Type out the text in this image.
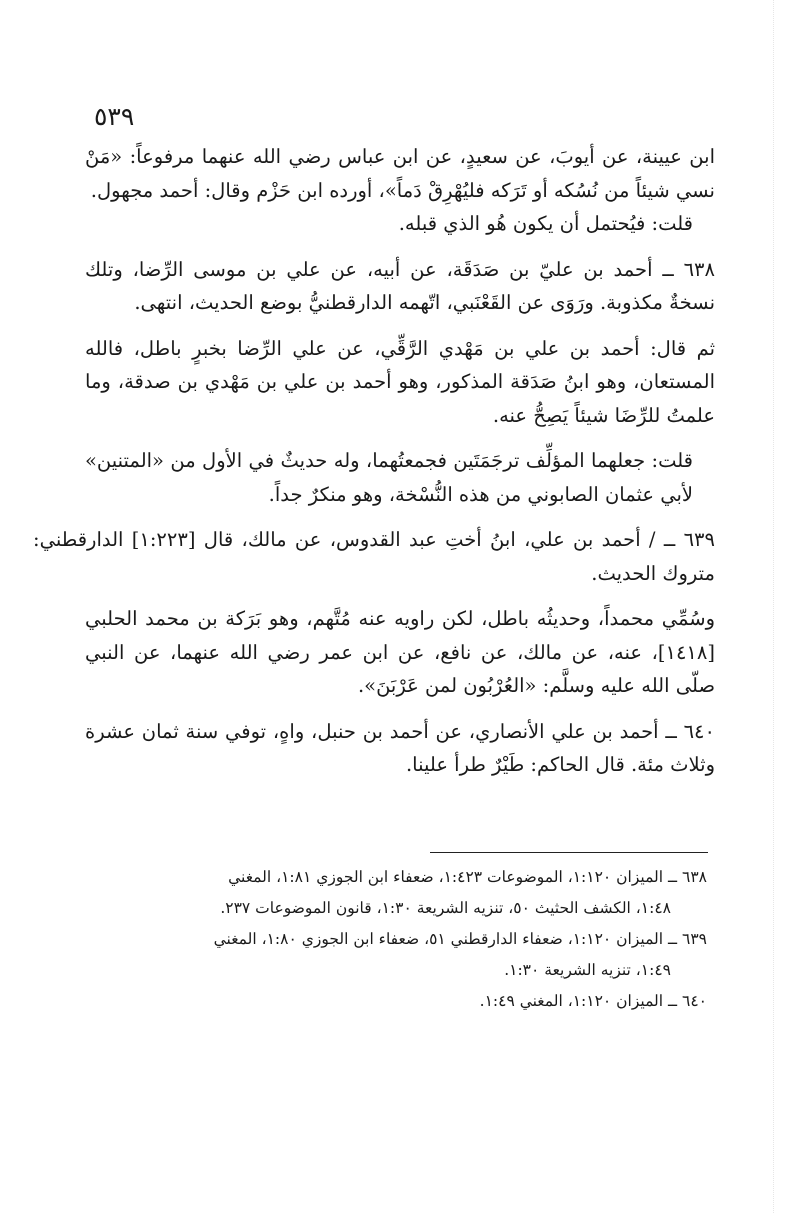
٥٣٩

ابن عيينة، عن أيوبَ، عن سعيدٍ، عن ابن عباس رضي الله عنهما مرفوعاً: «مَنْ نسي شيئاً من نُسُكه أو تَرَكه فليُهْرِقْ دَماً»، أورده ابن حَزْم وقال: أحمد مجهول.

قلت: فيُحتمل أن يكون هُو الذي قبله.

٦٣٨ ــ أحمد بن عليّ بن صَدَقَة، عن أبيه، عن علي بن موسى الرِّضا، وتلك نسخةٌ مكذوبة. ورَوَى عن القَعْنَبي، اتّهمه الدارقطنيُّ بوضع الحديث، انتهى.

ثم قال: أحمد بن علي بن مَهْدي الرَّقِّي، عن علي الرِّضا بخبرٍ باطل، فالله المستعان، وهو ابنُ صَدَقة المذكور، وهو أحمد بن علي بن مَهْدي بن صدقة، وما علمتُ للرِّضَا شيئاً يَصِحُّ عنه.

قلت: جعلهما المؤلِّف ترجَمَتَين فجمعتُهما، وله حديثٌ في الأول من «المتنين» لأبي عثمان الصابوني من هذه النُّسْخة، وهو منكرٌ جداً.

٦٣٩ ــ / أحمد بن علي، ابنُ أختِ عبد القدوس، عن مالك، قال [١:٢٢٣] الدارقطني: متروك الحديث.

وسُمِّي محمداً، وحديثُه باطل، لكن راويه عنه مُتَّهم، وهو بَرَكة بن محمد الحلبي [١٤١٨]، عنه، عن مالك، عن نافع، عن ابن عمر رضي الله عنهما، عن النبي صلّى الله عليه وسلَّم: «العُرْبُون لمن عَرْبَنَ».

٦٤٠ ــ أحمد بن علي الأنصاري، عن أحمد بن حنبل، واهٍ، توفي سنة ثمان عشرة وثلاث مئة. قال الحاكم: طَيْرٌ طرأ علينا.

٦٣٨ ــ الميزان ١:١٢٠، الموضوعات ١:٤٢٣، ضعفاء ابن الجوزي ١:٨١، المغني

١:٤٨، الكشف الحثيث ٥٠، تنزيه الشريعة ١:٣٠، قانون الموضوعات ٢٣٧.

٦٣٩ ــ الميزان ١:١٢٠، ضعفاء الدارقطني ٥١، ضعفاء ابن الجوزي ١:٨٠، المغني

١:٤٩، تنزيه الشريعة ١:٣٠.

٦٤٠ ــ الميزان ١:١٢٠، المغني ١:٤٩.
